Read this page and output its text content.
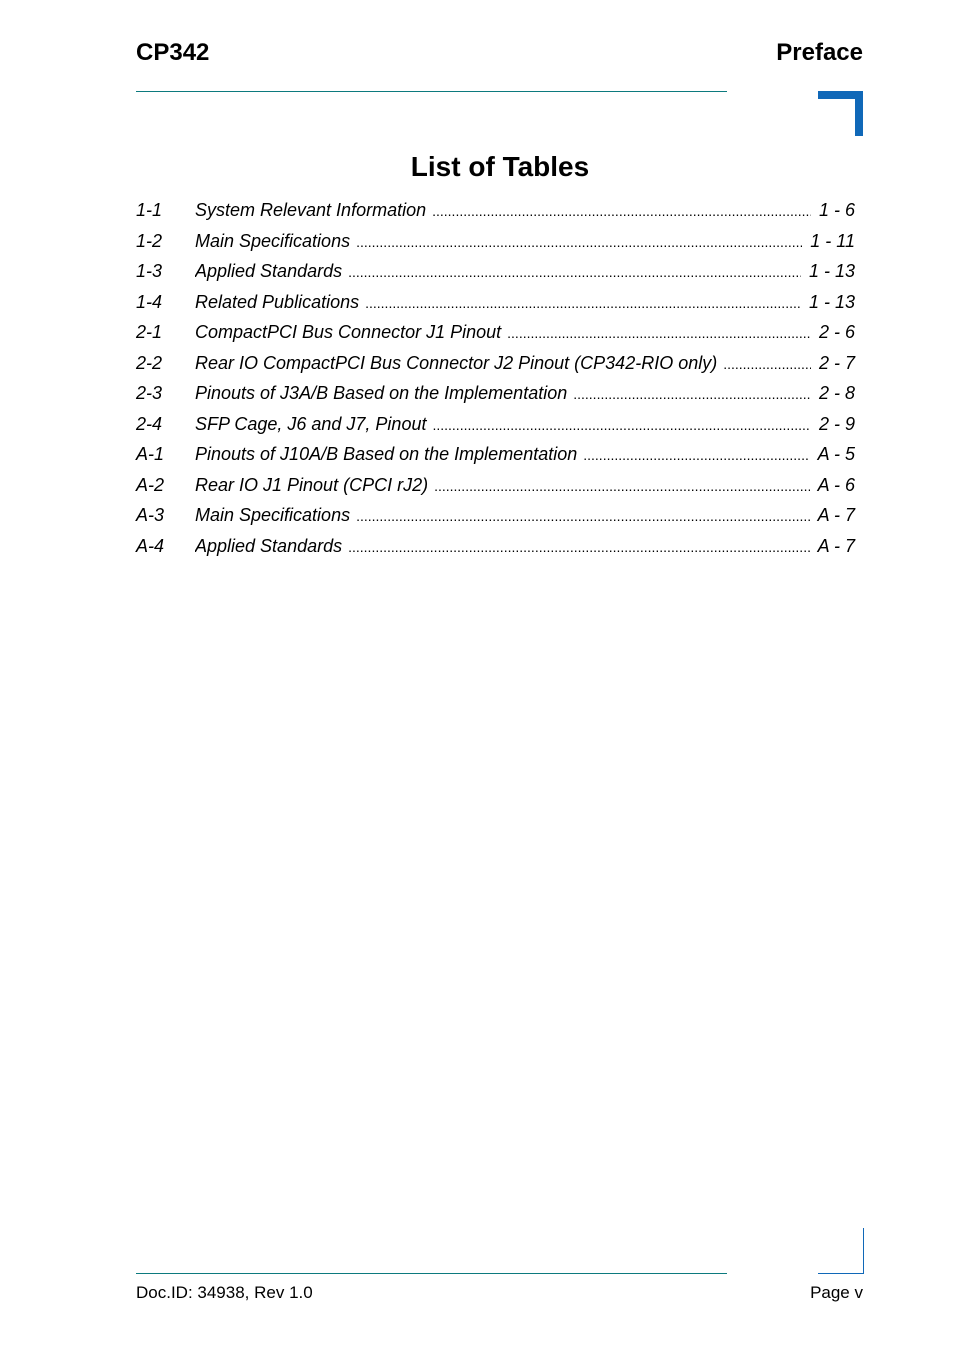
CP342	Preface
List of Tables
1-1	System Relevant Information .....	1 - 6
1-2	Main Specifications .....	1 - 11
1-3	Applied Standards .....	1 - 13
1-4	Related Publications .....	1 - 13
2-1	CompactPCI Bus Connector J1 Pinout .....	2 - 6
2-2	Rear IO CompactPCI Bus Connector J2 Pinout (CP342-RIO only) .....	2 - 7
2-3	Pinouts of J3A/B Based on the Implementation .....	2 - 8
2-4	SFP Cage, J6 and J7, Pinout .....	2 - 9
A-1	Pinouts of J10A/B Based on the Implementation .....	A - 5
A-2	Rear IO J1 Pinout (CPCI rJ2) .....	A - 6
A-3	Main Specifications .....	A - 7
A-4	Applied Standards .....	A - 7
Doc.ID: 34938, Rev 1.0	Page v
